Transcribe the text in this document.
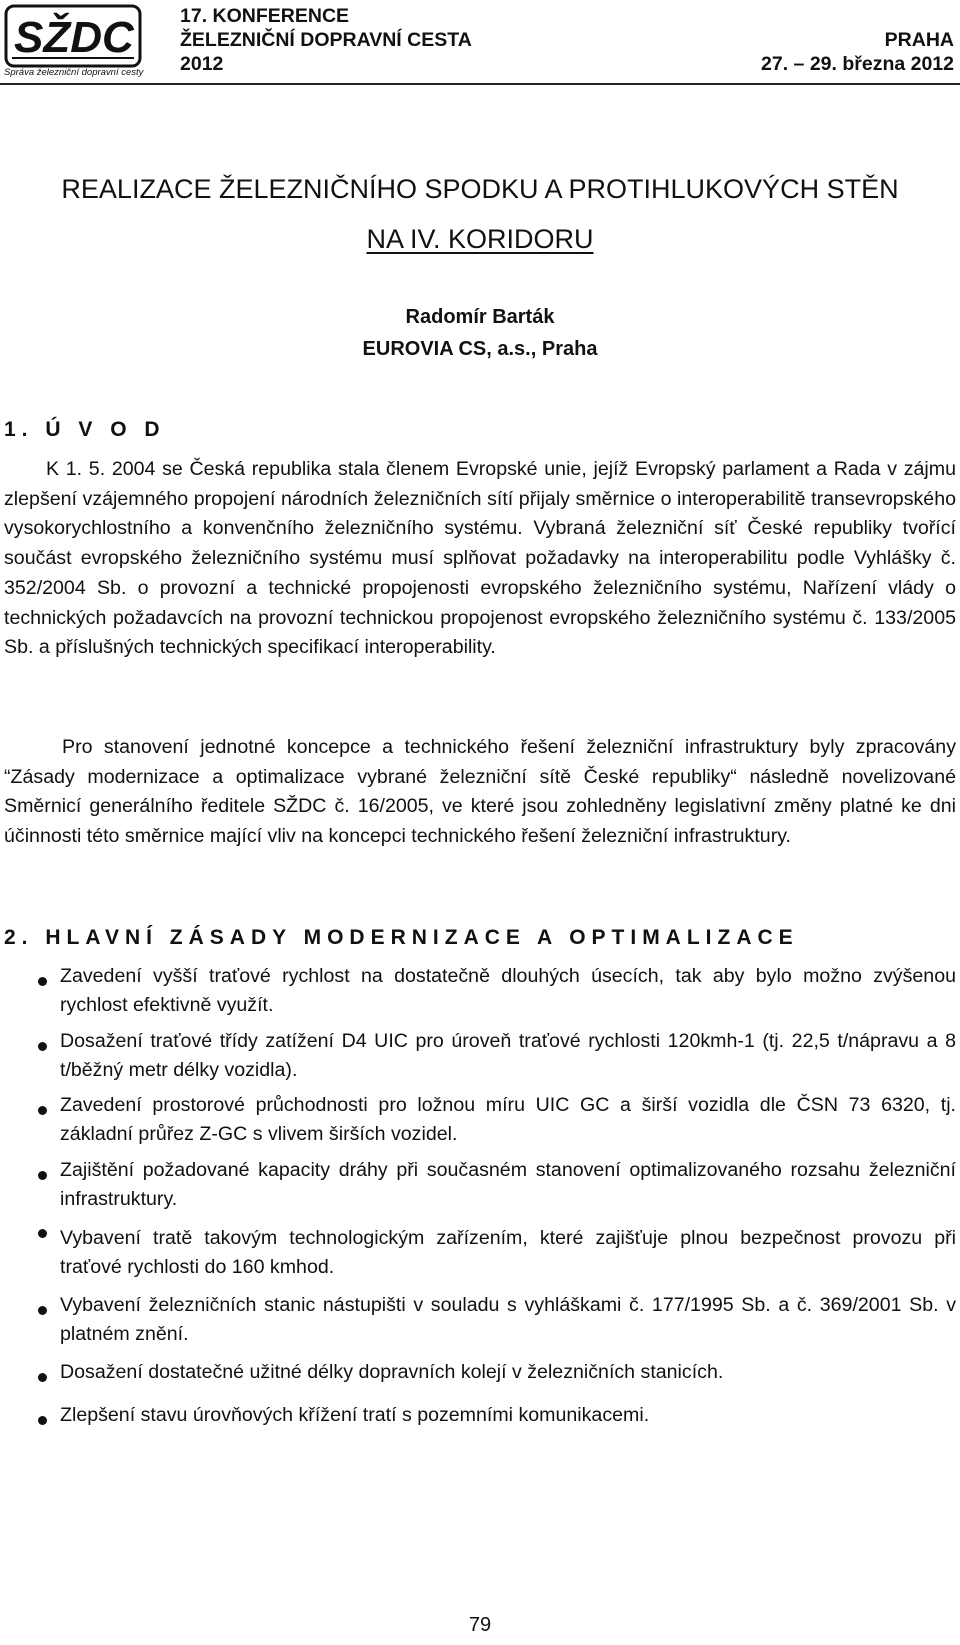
SŽDC
Správa železniční dopravní cesty
17. KONFERENCE
ŽELEZNIČNÍ DOPRAVNÍ CESTA
2012
PRAHA
27. – 29. března 2012
REALIZACE ŽELEZNIČNÍHO SPODKU A PROTIHLUKOVÝCH STĚN
NA IV. KORIDORU
Radomír Barták
EUROVIA CS, a.s., Praha
1. Ú V O D
K 1. 5. 2004 se Česká republika stala členem Evropské unie, jejíž Evropský parlament a Rada v zájmu zlepšení vzájemného propojení národních železničních sítí přijaly směrnice o interoperabilitě transevropského vysokorychlostního a konvenčního železničního systému. Vybraná železniční síť České republiky tvořící součást evropského železničního systému musí splňovat požadavky na interoperabilitu podle Vyhlášky č. 352/2004 Sb. o provozní a technické propojenosti evropského železničního systému, Nařízení vlády o technických požadavcích na provozní technickou propojenost evropského železničního systému č. 133/2005 Sb. a příslušných technických specifikací interoperability.
Pro stanovení jednotné koncepce a technického řešení železniční infrastruktury byly zpracovány “Zásady modernizace a optimalizace vybrané železniční sítě České republiky“ následně novelizované Směrnicí generálního ředitele SŽDC č. 16/2005, ve které jsou zohledněny legislativní změny platné ke dni účinnosti této směrnice mající vliv na koncepci technického řešení železniční infrastruktury.
2. HLAVNÍ ZÁSADY MODERNIZACE A OPTIMALIZACE
Zavedení vyšší traťové rychlost na dostatečně dlouhých úsecích, tak aby bylo možno zvýšenou rychlost efektivně využít.
Dosažení traťové třídy zatížení D4 UIC pro úroveň traťové rychlosti 120kmh-1 (tj. 22,5 t/nápravu a 8 t/běžný metr délky vozidla).
Zavedení prostorové průchodnosti pro ložnou míru UIC GC a širší vozidla dle ČSN 73 6320, tj. základní průřez Z-GC s vlivem širších vozidel.
Zajištění požadované kapacity dráhy při současném stanovení optimalizovaného rozsahu železniční infrastruktury.
Vybavení tratě takovým technologickým zařízením, které zajišťuje plnou bezpečnost provozu při traťové rychlosti do 160 kmhod.
Vybavení železničních stanic nástupišti v souladu s vyhláškami č. 177/1995 Sb. a č. 369/2001 Sb. v platném znění.
Dosažení dostatečné užitné délky dopravních kolejí v železničních stanicích.
Zlepšení stavu úrovňových křížení tratí s pozemními komunikacemi.
79
